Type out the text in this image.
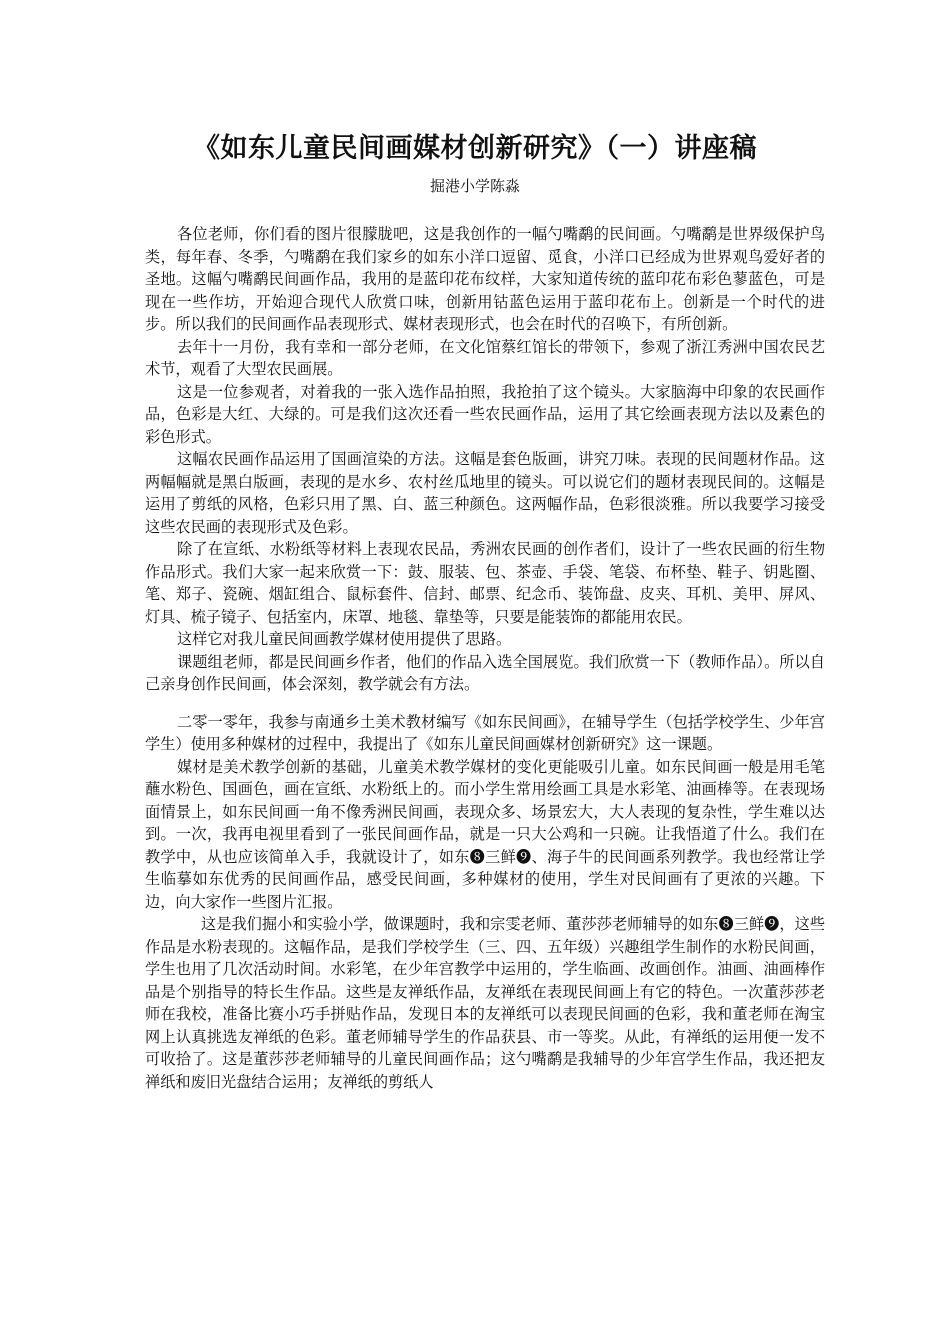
《如东儿童民间画媒材创新研究》（一）讲座稿
掘港小学陈淼

各位老师，你们看的图片很朦胧吧，这是我创作的一幅勺嘴鹬的民间画。勺嘴鹬是世界级保护鸟类，每年春、冬季，勺嘴鹬在我们家乡的如东小洋口逗留、觅食，小洋口已经成为世界观鸟爱好者的圣地。这幅勺嘴鹬民间画作品，我用的是蓝印花布纹样，大家知道传统的蓝印花布彩色蓼蓝色，可是现在一些作坊，开始迎合现代人欣赏口味，创新用钴蓝色运用于蓝印花布上。创新是一个时代的进步。所以我们的民间画作品表现形式、媒材表现形式，也会在时代的召唤下，有所创新。

去年十一月份，我有幸和一部分老师，在文化馆蔡红馆长的带领下，参观了浙江秀洲中国农民艺术节，观看了大型农民画展。

这是一位参观者，对着我的一张入选作品拍照，我抢拍了这个镜头。大家脑海中印象的农民画作品，色彩是大红、大绿的。可是我们这次还看一些农民画作品，运用了其它绘画表现方法以及素色的彩色形式。

这幅农民画作品运用了国画渲染的方法。这幅是套色版画，讲究刀味。表现的民间题材作品。这两幅幅就是黑白版画，表现的是水乡、农村丝瓜地里的镜头。可以说它们的题材表现民间的。这幅是运用了剪纸的风格，色彩只用了黑、白、蓝三种颜色。这两幅作品，色彩很淡雅。所以我要学习接受这些农民画的表现形式及色彩。

除了在宣纸、水粉纸等材料上表现农民品，秀洲农民画的创作者们，设计了一些农民画的衍生物作品形式。我们大家一起来欣赏一下：鼓、服装、包、茶壶、手袋、笔袋、布杯垫、鞋子、钥匙圈、笔、郑子、瓷碗、烟缸组合、鼠标套件、信封、邮票、纪念币、装饰盘、皮夹、耳机、美甲、屏风、灯具、梳子镜子、包括室内，床罩、地毯、靠垫等，只要是能装饰的都能用农民。

这样它对我儿童民间画教学媒材使用提供了思路。

课题组老师，都是民间画乡作者，他们的作品入选全国展览。我们欣赏一下（教师作品）。所以自己亲身创作民间画，体会深刻，教学就会有方法。

二零一零年，我参与南通乡土美术教材编写《如东民间画》，在辅导学生（包括学校学生、少年宫学生）使用多种媒材的过程中，我提出了《如东儿童民间画媒材创新研究》这一课题。

媒材是美术教学创新的基础，儿童美术教学媒材的变化更能吸引儿童。如东民间画一般是用毛笔蘸水粉色、国画色，画在宣纸、水粉纸上的。而小学生常用绘画工具是水彩笔、油画棒等。在表现场面情景上，如东民间画一角不像秀洲民间画，表现众多、场景宏大，大人表现的复杂性，学生难以达到。一次，我再电视里看到了一张民间画作品，就是一只大公鸡和一只碗。让我悟道了什么。我们在教学中，从也应该简单入手，我就设计了，如东❽三鲜❾、海子牛的民间画系列教学。我也经常让学生临摹如东优秀的民间画作品，感受民间画，多种媒材的使用，学生对民间画有了更浓的兴趣。下边，向大家作一些图片汇报。

这是我们掘小和实验小学，做课题时，我和宗雯老师、董莎莎老师辅导的如东❽三鲜❾，这些作品是水粉表现的。这幅作品，是我们学校学生（三、四、五年级）兴趣组学生制作的水粉民间画，学生也用了几次活动时间。水彩笔，在少年宫教学中运用的，学生临画、改画创作。油画、油画棒作品是个别指导的特长生作品。这些是友禅纸作品，友禅纸在表现民间画上有它的特色。一次董莎莎老师在我校，准备比赛小巧手拼贴作品，发现日本的友禅纸可以表现民间画的色彩，我和董老师在淘宝网上认真挑选友禅纸的色彩。董老师辅导学生的作品获县、市一等奖。从此，有禅纸的运用便一发不可收拾了。这是董莎莎老师辅导的儿童民间画作品；这勺嘴鹬是我辅导的少年宫学生作品，我还把友禅纸和废旧光盘结合运用；友禅纸的剪纸人
